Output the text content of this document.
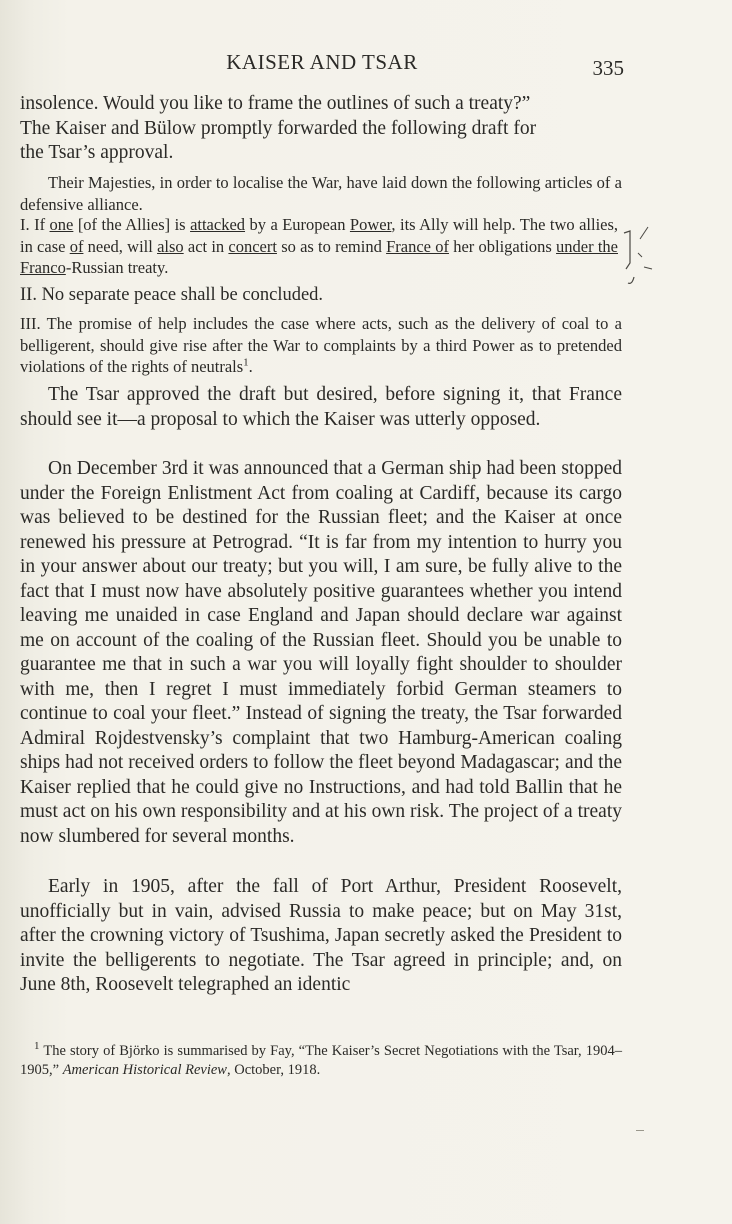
KAISER AND TSAR	335
insolence. Would you like to frame the outlines of such a treaty?”
The Kaiser and Bülow promptly forwarded the following draft for
the Tsar’s approval.

Their Majesties, in order to localise the War, have laid down the following articles of a defensive alliance.

I. If one [of the Allies] is attacked by a European Power, its Ally will help. The two allies, in case of need, will also act in concert so as to remind France of her obligations under the Franco-Russian treaty.

II. No separate peace shall be concluded.

III. The promise of help includes the case where acts, such as the delivery of coal to a belligerent, should give rise after the War to complaints by a third Power as to pretended violations of the rights of neutrals$^1$.

The Tsar approved the draft but desired, before signing it, that France should see it—a proposal to which the Kaiser was utterly opposed.

On December 3rd it was announced that a German ship had been stopped under the Foreign Enlistment Act from coaling at Cardiff, because its cargo was believed to be destined for the Russian fleet; and the Kaiser at once renewed his pressure at Petrograd. “It is far from my intention to hurry you in your answer about our treaty; but you will, I am sure, be fully alive to the fact that I must now have absolutely positive guarantees whether you intend leaving me unaided in case England and Japan should declare war against me on account of the coaling of the Russian fleet. Should you be unable to guarantee me that in such a war you will loyally fight shoulder to shoulder with me, then I regret I must immediately forbid German steamers to continue to coal your fleet.” Instead of signing the treaty, the Tsar forwarded Admiral Rojdestvensky’s complaint that two Hamburg-American coaling ships had not received orders to follow the fleet beyond Madagascar; and the Kaiser replied that he could give no Instructions, and had told Ballin that he must act on his own responsibility and at his own risk. The project of a treaty now slumbered for several months.

Early in 1905, after the fall of Port Arthur, President Roosevelt, unofficially but in vain, advised Russia to make peace; but on May 31st, after the crowning victory of Tsushima, Japan secretly asked the President to invite the belligerents to negotiate. The Tsar agreed in principle; and, on June 8th, Roosevelt telegraphed an identic

$^1$ The story of Björko is summarised by Fay, “The Kaiser’s Secret Negotiations with the Tsar, 1904–1905,” American Historical Review, October, 1918.
